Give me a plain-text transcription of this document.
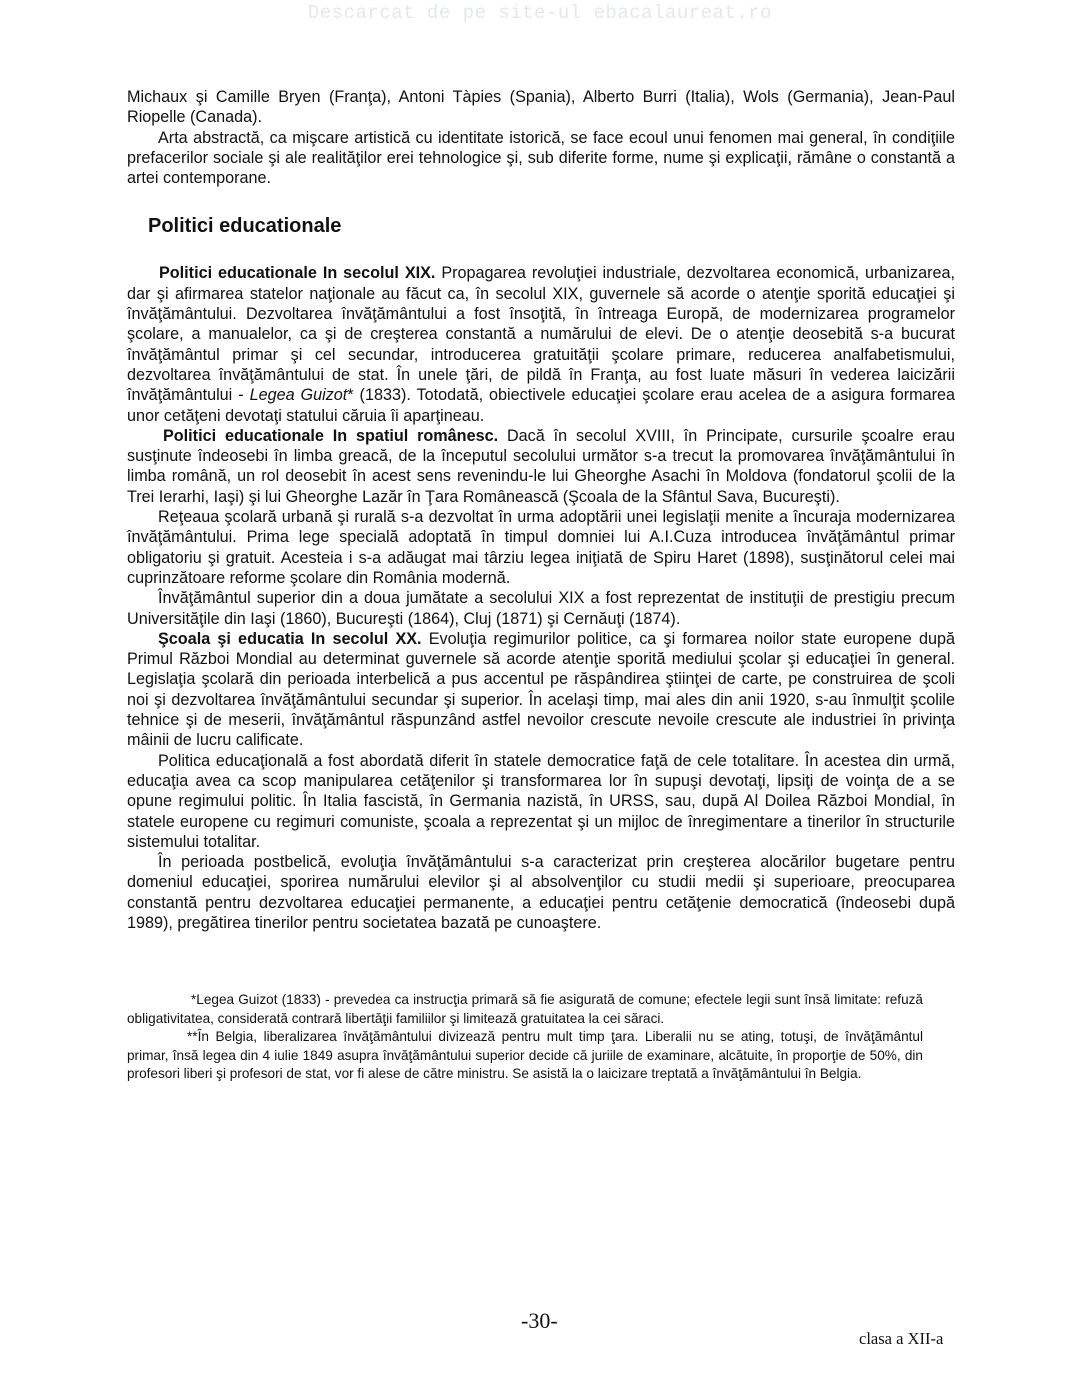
Descarcat de pe site-ul ebacalaureat.ro

Michaux şi Camille Bryen (Franţa), Antoni Tàpies (Spania), Alberto Burri (Italia), Wols (Germania), Jean-Paul Riopelle (Canada).

Arta abstractă, ca mişcare artistică cu identitate istorică, se face ecoul unui fenomen mai general, în condiţiile prefacerilor sociale şi ale realităţilor erei tehnologice şi, sub diferite forme, nume şi explicaţii, rămâne o constantă a artei contemporane.

Politici educationale

Politici educationale In secolul XIX. Propagarea revoluţiei industriale, dezvoltarea economică, urbanizarea, dar şi afirmarea statelor naţionale au făcut ca, în secolul XIX, guvernele să acorde o atenţie sporită educaţiei şi învăţământului. Dezvoltarea învăţământului a fost însoţită, în întreaga Europă, de modernizarea programelor şcolare, a manualelor, ca şi de creşterea constantă a numărului de elevi. De o atenţie deosebită s-a bucurat învăţământul primar şi cel secundar, introducerea gratuităţii şcolare primare, reducerea analfabetismului, dezvoltarea învăţământului de stat. În unele ţări, de pildă în Franţa, au fost luate măsuri în vederea laicizării învăţământului - Legea Guizot* (1833). Totodată, obiectivele educaţiei şcolare erau acelea de a asigura formarea unor cetăţeni devotaţi statului căruia îi aparţineau.

Politici educationale In spatiul românesc. Dacă în secolul XVIII, în Principate, cursurile şcoalre erau susţinute îndeosebi în limba greacă, de la începutul secolului următor s-a trecut la promovarea învăţământului în limba română, un rol deosebit în acest sens revenindu-le lui Gheorghe Asachi în Moldova (fondatorul şcolii de la Trei Ierarhi, Iaşi) şi lui Gheorghe Lazăr în Ţara Românească (Şcoala de la Sfântul Sava, Bucureşti).

Reţeaua şcolară urbană şi rurală s-a dezvoltat în urma adoptării unei legislaţii menite a încuraja modernizarea învăţământului. Prima lege specială adoptată în timpul domniei lui A.I.Cuza introducea învăţământul primar obligatoriu şi gratuit. Acesteia i s-a adăugat mai târziu legea iniţiată de Spiru Haret (1898), susţinătorul celei mai cuprinzătoare reforme şcolare din România modernă.

Învăţământul superior din a doua jumătate a secolului XIX a fost reprezentat de instituţii de prestigiu precum Universităţile din Iaşi (1860), Bucureşti (1864), Cluj (1871) şi Cernăuţi (1874).

Şcoala şi educatia In secolul XX. Evoluţia regimurilor politice, ca şi formarea noilor state europene după Primul Război Mondial au determinat guvernele să acorde atenţie sporită mediului şcolar şi educaţiei în general. Legislaţia şcolară din perioada interbelică a pus accentul pe răspândirea ştiinţei de carte, pe construirea de şcoli noi şi dezvoltarea învăţământului secundar şi superior. În acelaşi timp, mai ales din anii 1920, s-au înmulţit şcolile tehnice şi de meserii, învăţământul răspunzând astfel nevoilor crescute nevoile crescute ale industriei în privinţa mâinii de lucru calificate.

Politica educaţională a fost abordată diferit în statele democratice faţă de cele totalitare. În acestea din urmă, educaţia avea ca scop manipularea cetăţenilor şi transformarea lor în supuşi devotaţi, lipsiţi de voinţa de a se opune regimului politic. În Italia fascistă, în Germania nazistă, în URSS, sau, după Al Doilea Război Mondial, în statele europene cu regimuri comuniste, şcoala a reprezentat şi un mijloc de înregimentare a tinerilor în structurile sistemului totalitar.

În perioada postbelică, evoluţia învăţământului s-a caracterizat prin creşterea alocărilor bugetare pentru domeniul educaţiei, sporirea numărului elevilor şi al absolvenţilor cu studii medii şi superioare, preocuparea constantă pentru dezvoltarea educaţiei permanente, a educaţiei pentru cetăţenie democratică (îndeosebi după 1989), pregătirea tinerilor pentru societatea bazată pe cunoaştere.

*Legea Guizot (1833) - prevedea ca instrucţia primară să fie asigurată de comune; efectele legii sunt însă limitate: refuză obligativitatea, considerată contrară libertăţii familiilor şi limitează gratuitatea la cei săraci.

**În Belgia, liberalizarea învăţământului divizează pentru mult timp ţara. Liberalii nu se ating, totuşi, de învăţământul primar, însă legea din 4 iulie 1849 asupra învăţământului superior decide că juriile de examinare, alcătuite, în proporţie de 50%, din profesori liberi şi profesori de stat, vor fi alese de către ministru. Se asistă la o laicizare treptată a învăţământului în Belgia.

-30-
clasa a XII-a
